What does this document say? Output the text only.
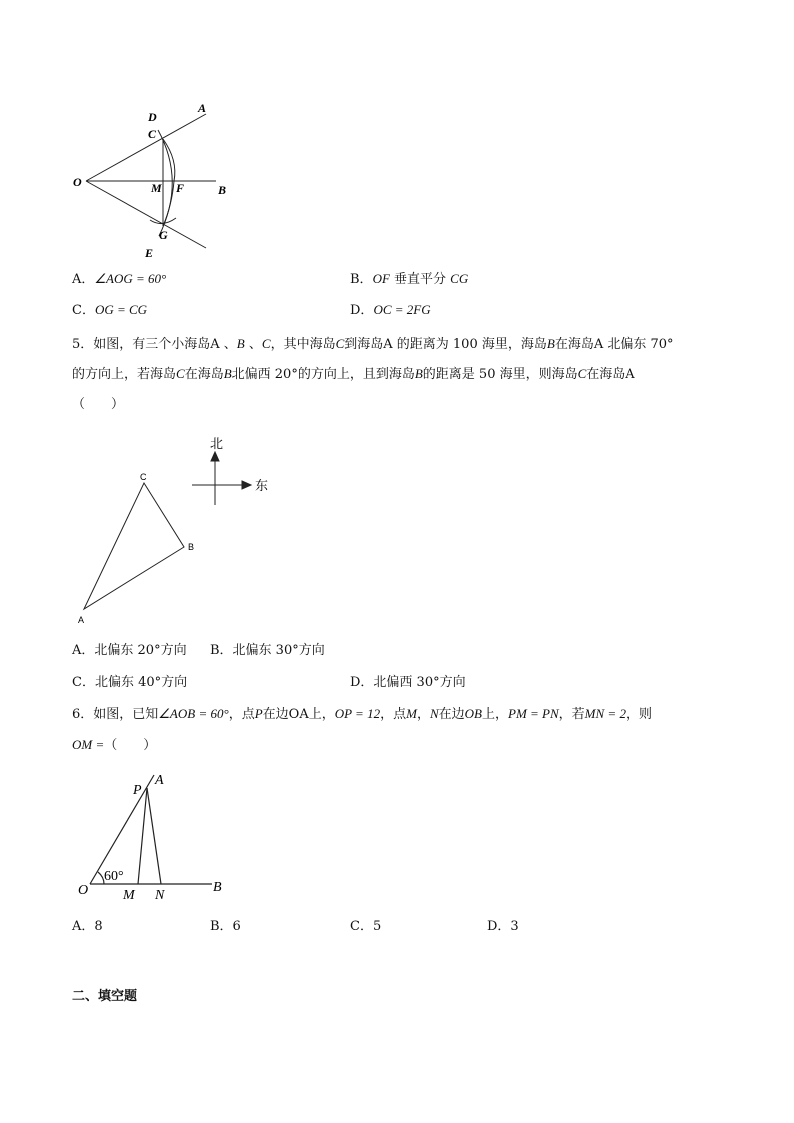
D
A
C
O	M F	B
G
E
A．∠AOG = 60°	B．OF 垂直平分 CG
C．OG = CG	D．OC = 2FG
5．如图，有三个小海岛A 、B 、C，其中海岛C到海岛A 的距离为 100 海里，海岛B在海岛A 北偏东 70°
的方向上，若海岛C在海岛B北偏西 20°的方向上，且到海岛B的距离是 50 海里，则海岛C在海岛A
（　　）
C
B
A
北
东
A．北偏东 20°方向 B．北偏东 30°方向
C．北偏东 40°方向	D．北偏西 30°方向
6．如图，已知∠AOB = 60°，点P在边OA上，OP = 12，点M，N在边OB上，PM = PN，若MN = 2，则
OM =（　　）
P
A
O
60°
M N
B
A．8	B．6	C．5	D．3
二、填空题
